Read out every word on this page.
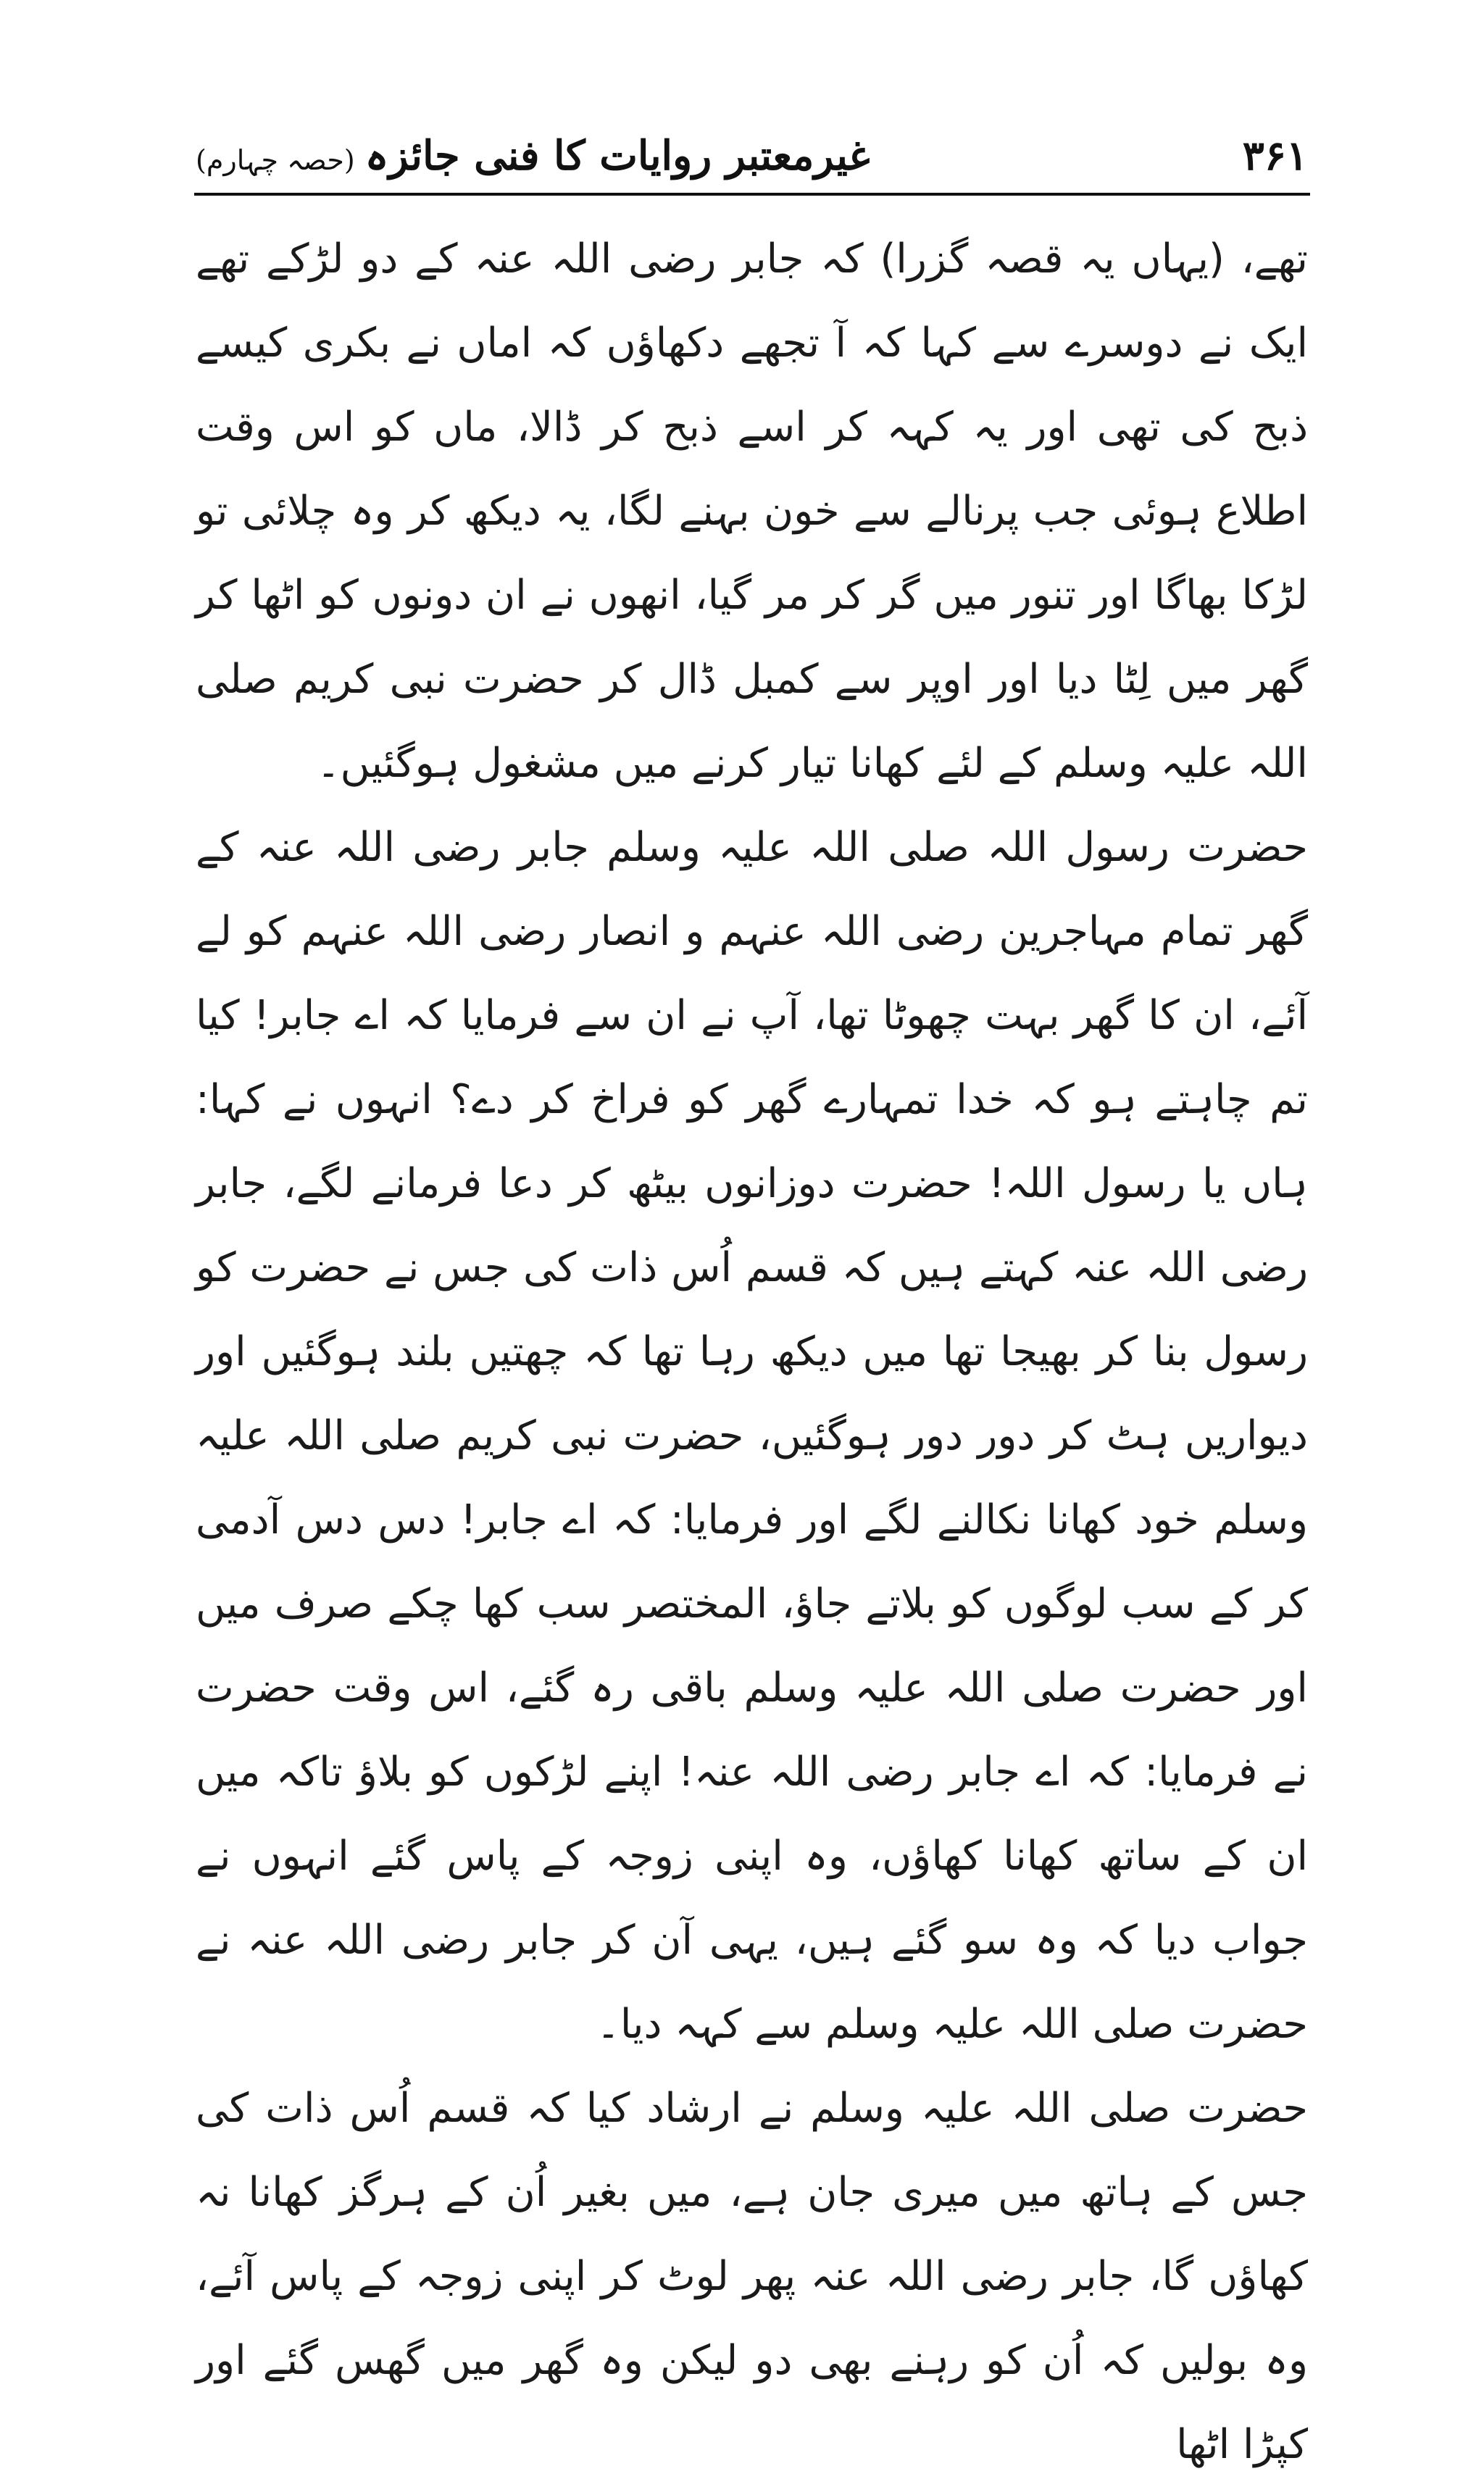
غیرمعتبر روایات کا فنی جائزہ
(حصہ چہارم)	۳۶۱

تھے، (یہاں یہ قصہ گزرا) کہ جابر رضی اللہ عنہ کے دو لڑکے تھے ایک نے دوسرے سے کہا کہ آ تجھے دکھاؤں کہ اماں نے بکری کیسے ذبح کی تھی اور یہ کہہ کر اسے ذبح کر ڈالا، ماں کو اس وقت اطلاع ہوئی جب پرنالے سے خون بہنے لگا، یہ دیکھ کر وہ چلائی تو لڑکا بھاگا اور تنور میں گر کر مر گیا، انھوں نے ان دونوں کو اٹھا کر گھر میں لِٹا دیا اور اوپر سے کمبل ڈال کر حضرت نبی کریم صلی اللہ علیہ وسلم کے لئے کھانا تیار کرنے میں مشغول ہوگئیں۔

حضرت رسول اللہ صلی اللہ علیہ وسلم جابر رضی اللہ عنہ کے گھر تمام مہاجرین رضی اللہ عنہم و انصار رضی اللہ عنہم کو لے آئے، ان کا گھر بہت چھوٹا تھا، آپ نے ان سے فرمایا کہ اے جابر! کیا تم چاہتے ہو کہ خدا تمہارے گھر کو فراخ کر دے؟ انہوں نے کہا: ہاں یا رسول اللہ! حضرت دوزانوں بیٹھ کر دعا فرمانے لگے، جابر رضی اللہ عنہ کہتے ہیں کہ قسم اُس ذات کی جس نے حضرت کو رسول بنا کر بھیجا تھا میں دیکھ رہا تھا کہ چھتیں بلند ہوگئیں اور دیواریں ہٹ کر دور دور ہوگئیں، حضرت نبی کریم صلی اللہ علیہ وسلم خود کھانا نکالنے لگے اور فرمایا: کہ اے جابر! دس دس آدمی کر کے سب لوگوں کو بلاتے جاؤ، المختصر سب کھا چکے صرف میں اور حضرت صلی اللہ علیہ وسلم باقی رہ گئے، اس وقت حضرت نے فرمایا: کہ اے جابر رضی اللہ عنہ! اپنے لڑکوں کو بلاؤ تاکہ میں ان کے ساتھ کھانا کھاؤں، وہ اپنی زوجہ کے پاس گئے انہوں نے جواب دیا کہ وہ سو گئے ہیں، یہی آن کر جابر رضی اللہ عنہ نے حضرت صلی اللہ علیہ وسلم سے کہہ دیا۔

حضرت صلی اللہ علیہ وسلم نے ارشاد کیا کہ قسم اُس ذات کی جس کے ہاتھ میں میری جان ہے، میں بغیر اُن کے ہرگز کھانا نہ کھاؤں گا، جابر رضی اللہ عنہ پھر لوٹ کر اپنی زوجہ کے پاس آئے، وہ بولیں کہ اُن کو رہنے بھی دو لیکن وہ گھر میں گھس گئے اور کپڑا اٹھا
